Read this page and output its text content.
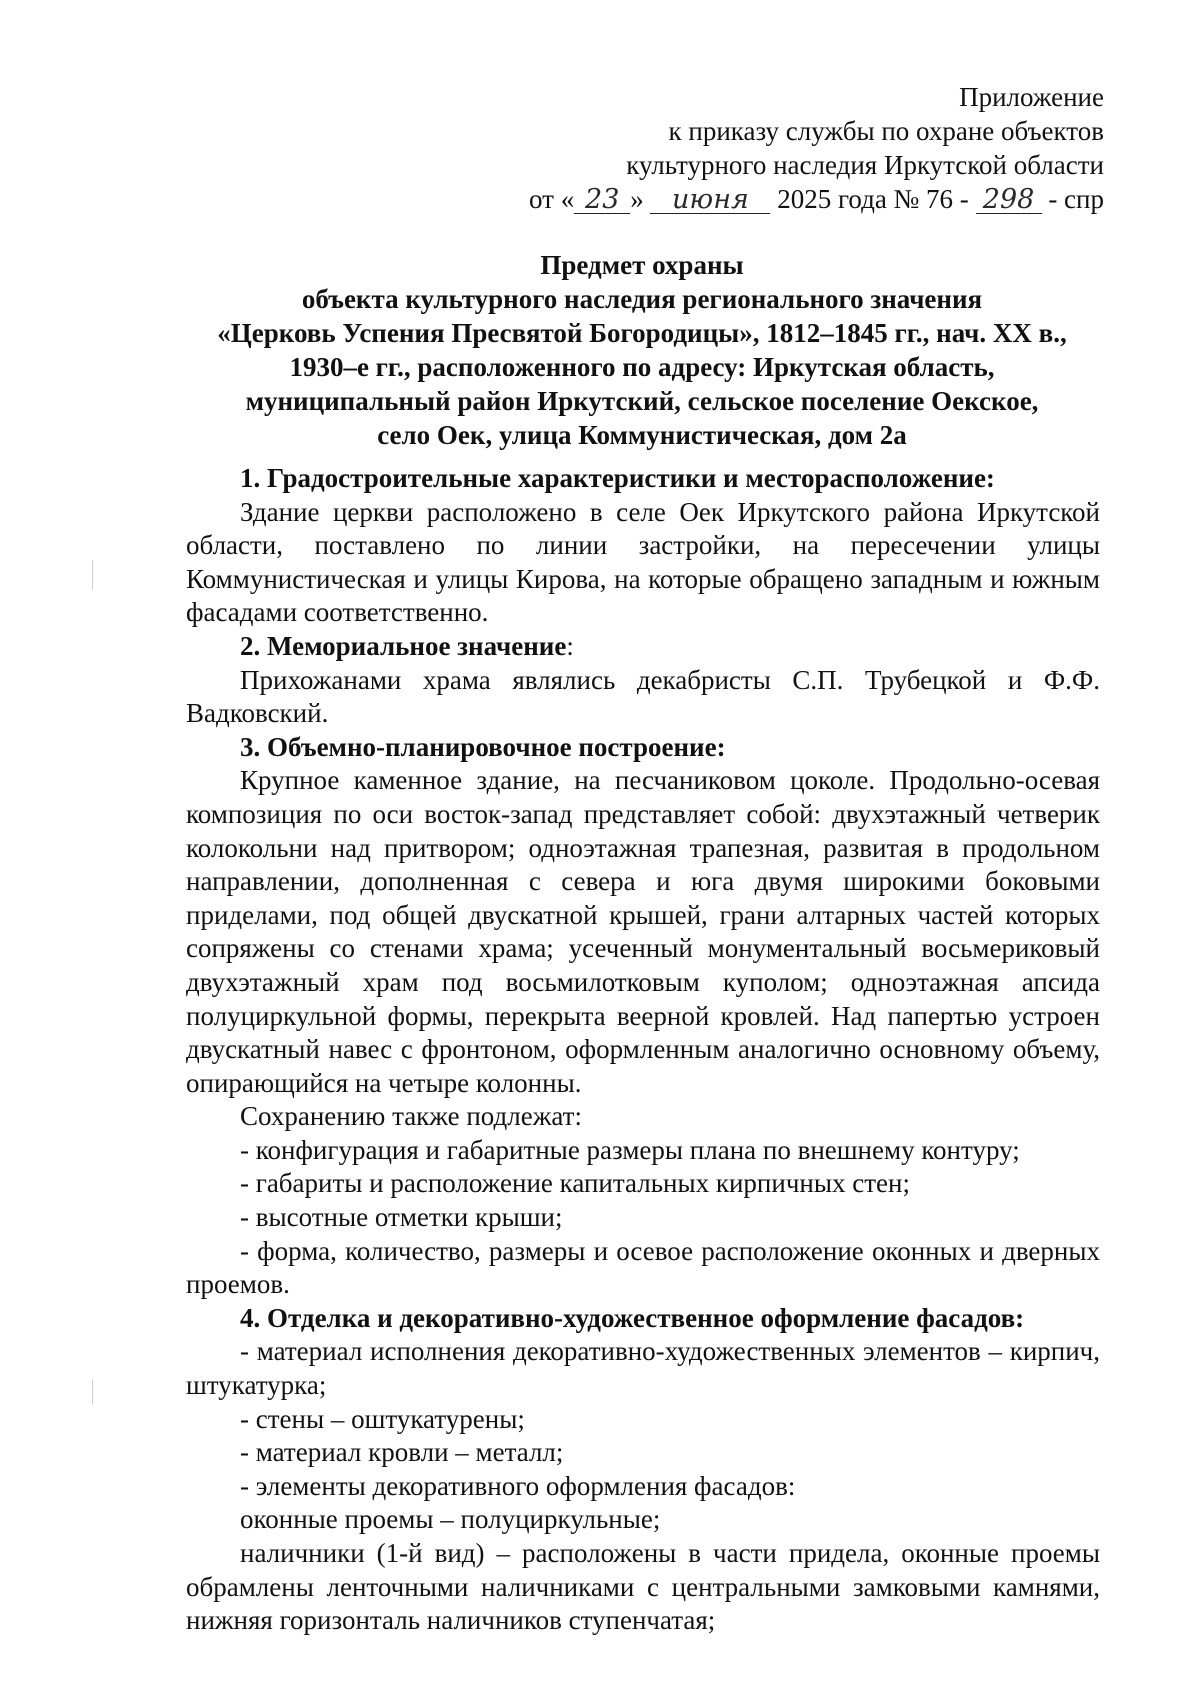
Приложение
к приказу службы по охране объектов
культурного наследия Иркутской области
от « 23 » июня 2025 года № 76 - 298 - спр
Предмет охраны
объекта культурного наследия регионального значения
«Церковь Успения Пресвятой Богородицы», 1812–1845 гг., нач. XX в.,
1930–е гг., расположенного по адресу: Иркутская область,
муниципальный район Иркутский, сельское поселение Оекское,
село Оек, улица Коммунистическая, дом 2а

1. Градостроительные характеристики и месторасположение:

Здание церкви расположено в селе Оек Иркутского района Иркутской области, поставлено по линии застройки, на пересечении улицы Коммунистическая и улицы Кирова, на которые обращено западным и южным фасадами соответственно.

2. Мемориальное значение:

Прихожанами храма являлись декабристы С.П. Трубецкой и Ф.Ф. Вадковский.

3. Объемно-планировочное построение:

Крупное каменное здание, на песчаниковом цоколе. Продольно-осевая композиция по оси восток-запад представляет собой: двухэтажный четверик колокольни над притвором; одноэтажная трапезная, развитая в продольном направлении, дополненная с севера и юга двумя широкими боковыми приделами, под общей двускатной крышей, грани алтарных частей которых сопряжены со стенами храма; усеченный монументальный восьмериковый двухэтажный храм под восьмилотковым куполом; одноэтажная апсида полуциркульной формы, перекрыта веерной кровлей. Над папертью устроен двускатный навес с фронтоном, оформленным аналогично основному объему, опирающийся на четыре колонны.

Сохранению также подлежат:

- конфигурация и габаритные размеры плана по внешнему контуру;

- габариты и расположение капитальных кирпичных стен;

- высотные отметки крыши;

- форма, количество, размеры и осевое расположение оконных и дверных проемов.

4. Отделка и декоративно-художественное оформление фасадов:

- материал исполнения декоративно-художественных элементов – кирпич, штукатурка;

- стены – оштукатурены;

- материал кровли – металл;

- элементы декоративного оформления фасадов:

оконные проемы – полуциркульные;

наличники (1-й вид) – расположены в части придела, оконные проемы обрамлены ленточными наличниками с центральными замковыми камнями, нижняя горизонталь наличников ступенчатая;
